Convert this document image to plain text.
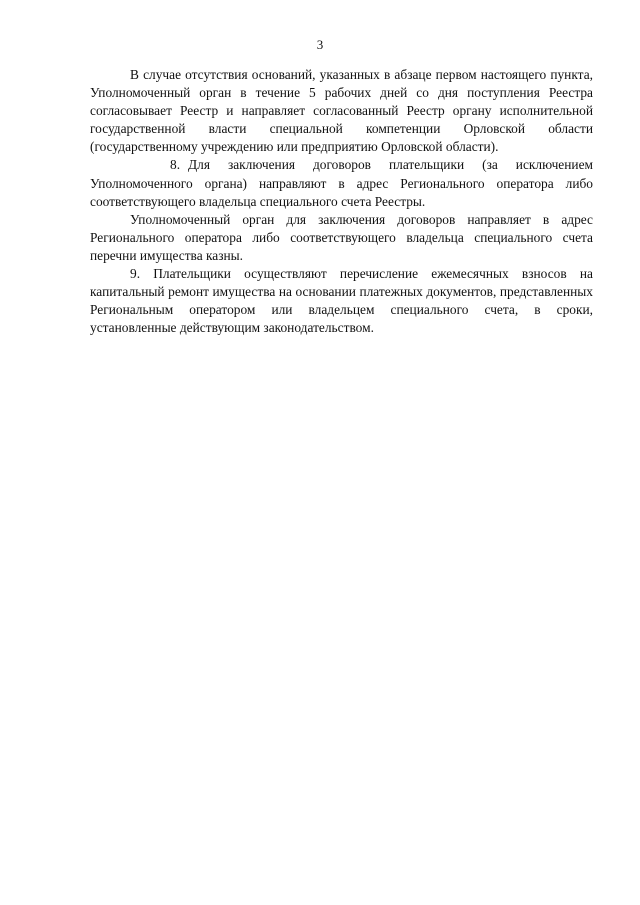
3

В случае отсутствия оснований, указанных в абзаце первом настоящего пункта, Уполномоченный орган в течение 5 рабочих дней со дня поступления Реестра согласовывает Реестр и направляет согласованный Реестр органу исполнительной государственной власти специальной компетенции Орловской области (государственному учреждению или предприятию Орловской области).

8. Для заключения договоров плательщики (за исключением Уполномоченного органа) направляют в адрес Регионального оператора либо соответствующего владельца специального счета Реестры.

Уполномоченный орган для заключения договоров направляет в адрес Регионального оператора либо соответствующего владельца специального счета перечни имущества казны.

9. Плательщики осуществляют перечисление ежемесячных взносов на капитальный ремонт имущества на основании платежных документов, представленных Региональным оператором или владельцем специального счета, в сроки, установленные действующим законодательством.
